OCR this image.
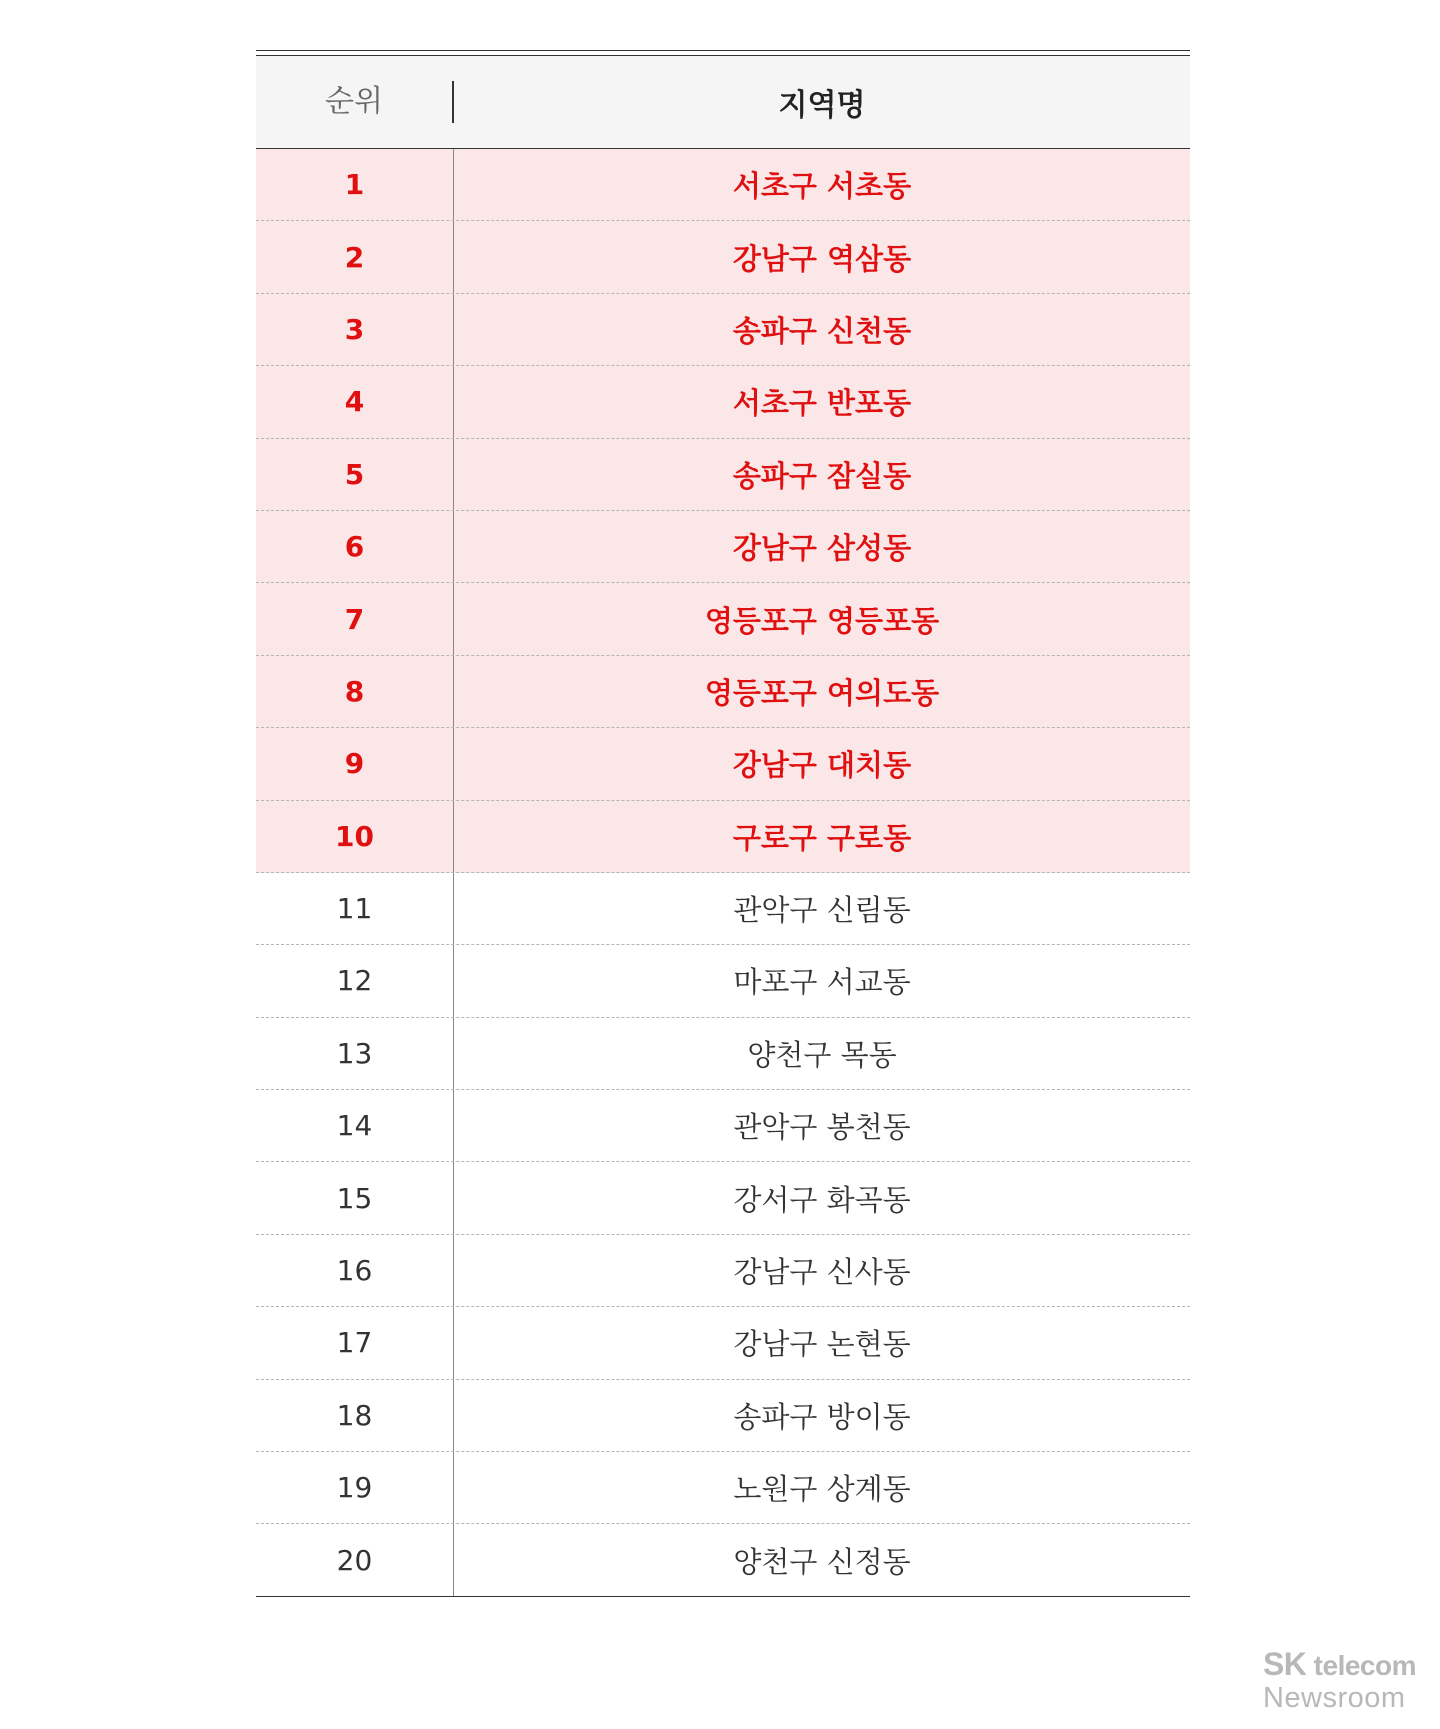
순위	지역명
1	서초구 서초동
2	강남구 역삼동
3	송파구 신천동
4	서초구 반포동
5	송파구 잠실동
6	강남구 삼성동
7	영등포구 영등포동
8	영등포구 여의도동
9	강남구 대치동
10	구로구 구로동
11	관악구 신림동
12	마포구 서교동
13	양천구 목동
14	관악구 봉천동
15	강서구 화곡동
16	강남구 신사동
17	강남구 논현동
18	송파구 방이동
19	노원구 상계동
20	양천구 신정동
SK telecom
Newsroom
